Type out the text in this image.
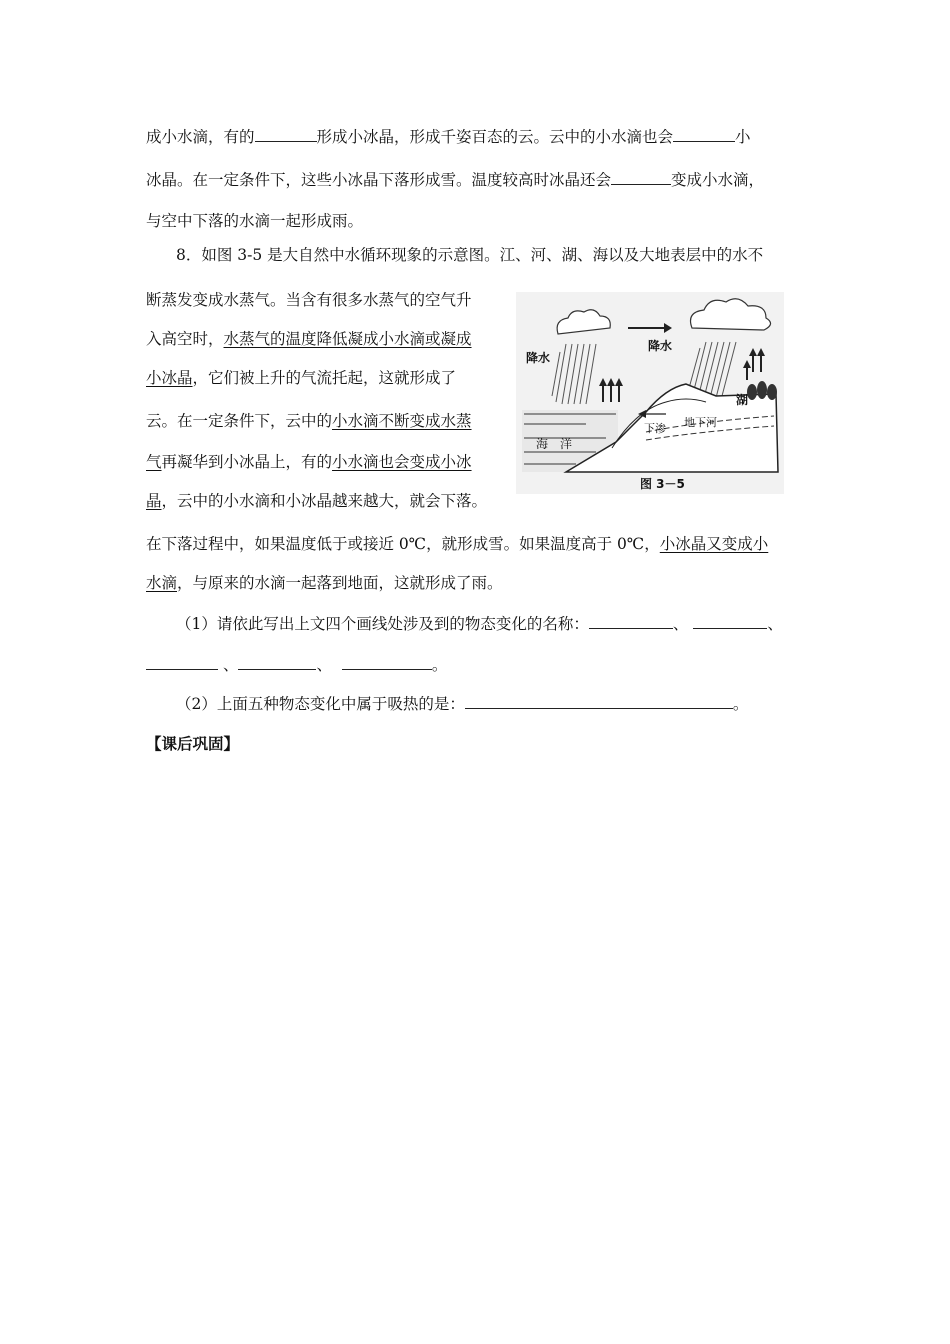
成小水滴，有的	形成小冰晶，形成千姿百态的云。云中的小水滴也会	小
冰晶。在一定条件下，这些小冰晶下落形成雪。温度较高时冰晶还会	变成小水滴，
与空中下落的水滴一起形成雨。
8．如图 3-5 是大自然中水循环现象的示意图。江、河、湖、海以及大地表层中的水不
断蒸发变成水蒸气。当含有很多水蒸气的空气升
入高空时，水蒸气的温度降低凝成小水滴或凝成
小冰晶，它们被上升的气流托起，这就形成了
云。在一定条件下，云中的小水滴不断变成水蒸
气再凝华到小冰晶上，有的小水滴也会变成小冰
晶，云中的小水滴和小冰晶越来越大，就会下落。
在下落过程中，如果温度低于或接近 0℃，就形成雪。如果温度高于 0℃，小冰晶又变成小
水滴，与原来的水滴一起落到地面，这就形成了雨。
（1）请依此写出上文四个画线处涉及到的物态变化的名称：	、	、
、	、	。
（2）上面五种物态变化中属于吸热的是：	。
【课后巩固】
降水
降水
湖
下渗 地下河
海　洋
图 3－5
